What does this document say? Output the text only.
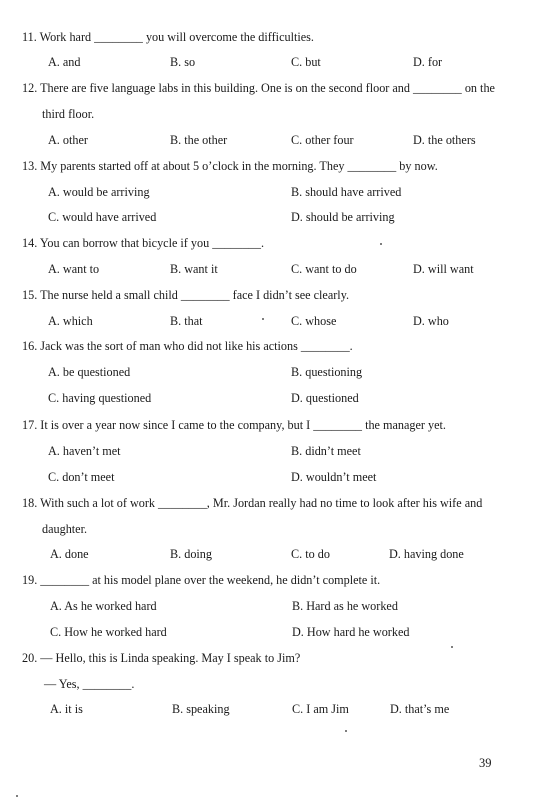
11. Work hard ________ you will overcome the difficulties.
A. and	B. so	C. but	D. for
12. There are five language labs in this building. One is on the second floor and ________ on the
third floor.
A. other	B. the other	C. other four	D. the others
13. My parents started off at about 5 o’clock in the morning. They ________ by now.
A. would be arriving	B. should have arrived
C. would have arrived	D. should be arriving
14. You can borrow that bicycle if you ________.
A. want to	B. want it	C. want to do	D. will want
15. The nurse held a small child ________ face I didn’t see clearly.
A. which	B. that	C. whose	D. who
16. Jack was the sort of man who did not like his actions ________.
A. be questioned	B. questioning
C. having questioned	D. questioned
17. It is over a year now since I came to the company, but I ________ the manager yet.
A. haven’t met	B. didn’t meet
C. don’t meet	D. wouldn’t meet
18. With such a lot of work ________, Mr. Jordan really had no time to look after his wife and
daughter.
A. done	B. doing	C. to do	D. having done
19. ________ at his model plane over the weekend, he didn’t complete it.
A. As he worked hard	B. Hard as he worked
C. How he worked hard	D. How hard he worked
20. — Hello, this is Linda speaking. May I speak to Jim?
— Yes, ________.
A. it is	B. speaking	C. I am Jim	D. that’s me
39
